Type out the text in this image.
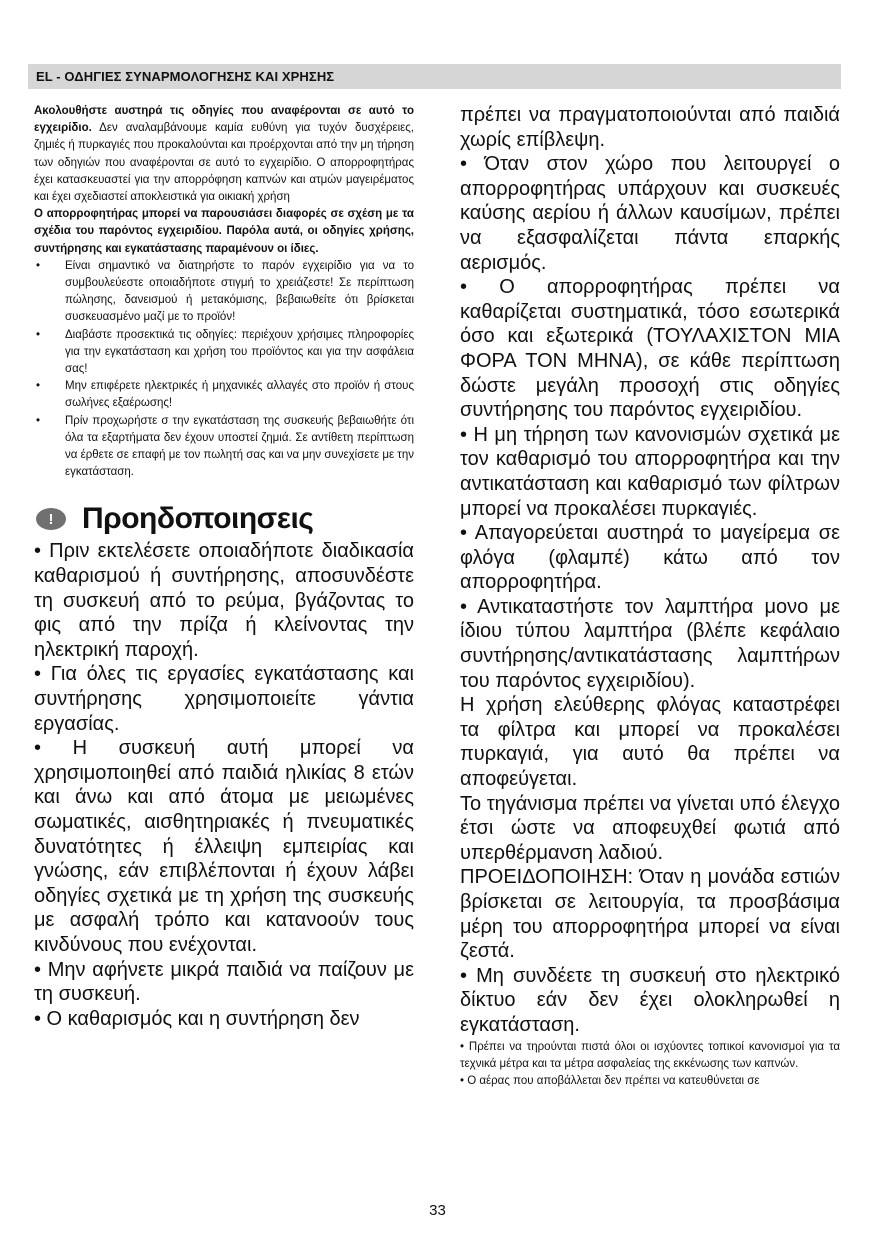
EL - ΟΔΗΓΙΕΣ ΣΥΝΑΡΜΟΛΟΓΗΣΗΣ ΚΑΙ ΧΡΗΣΗΣ

Ακολουθήστε αυστηρά τις οδηγίες που αναφέρονται σε αυτό το εγχειρίδιο. Δεν αναλαμβάνουμε καμία ευθύνη για τυχόν δυσχέρειες, ζημιές ή πυρκαγιές που προκαλούνται και προέρχονται από την μη τήρηση των οδηγιών που αναφέρονται σε αυτό το εγχειρίδιο. Ο απορροφητήρας έχει κατασκευαστεί για την απορρόφηση καπνών και ατμών μαγειρέματος και έχει σχεδιαστεί αποκλειστικά για οικιακή χρήση

Ο απορροφητήρας μπορεί να παρουσιάσει διαφορές σε σχέση με τα σχέδια του παρόντος εγχειριδίου. Παρόλα αυτά, οι οδηγίες χρήσης, συντήρησης και εγκατάστασης παραμένουν οι ίδιες.

• Είναι σημαντικό να διατηρήστε το παρόν εγχειρίδιο για να το συμβουλεύεστε οποιαδήποτε στιγμή το χρειάζεστε! Σε περίπτωση πώλησης, δανεισμού ή μετακόμισης, βεβαιωθείτε ότι βρίσκεται συσκευασμένο μαζί με το προϊόν!
• Διαβάστε προσεκτικά τις οδηγίες: περιέχουν χρήσιμες πληροφορίες για την εγκατάσταση και χρήση του προϊόντος και για την ασφάλεια σας!
• Μην επιφέρετε ηλεκτρικές ή μηχανικές αλλαγές στο προϊόν ή στους σωλήνες εξαέρωσης!
• Πρίν προχωρήστε σ την εγκατάσταση της συσκευής βεβαιωθήτε ότι όλα τα εξαρτήματα δεν έχουν υποστεί ζημιά. Σε αντίθετη περίπτωση να έρθετε σε επαφή με τον πωλητή σας και να μην συνεχίσετε με την εγκατάσταση.
! Προηδοποιησεις

• Πριν εκτελέσετε οποιαδήποτε διαδικασία καθαρισμού ή συντήρησης, αποσυνδέστε τη συσκευή από το ρεύμα, βγάζοντας το φις από την πρίζα ή κλείνοντας την ηλεκτρική παροχή.

• Για όλες τις εργασίες εγκατάστασης και συντήρησης χρησιμοποιείτε γάντια εργασίας.

• Η συσκευή αυτή μπορεί να χρησιμοποιηθεί από παιδιά ηλικίας 8 ετών και άνω και από άτομα με μειωμένες σωματικές, αισθητηριακές ή πνευματικές δυνατότητες ή έλλειψη εμπειρίας και γνώσης, εάν επιβλέπονται ή έχουν λάβει οδηγίες σχετικά με τη χρήση της συσκευής με ασφαλή τρόπο και κατανοούν τους κινδύνους που ενέχονται.

• Μην αφήνετε μικρά παιδιά να παίζουν με τη συσκευή.

• Ο καθαρισμός και η συντήρηση δεν

πρέπει να πραγματοποιούνται από παιδιά χωρίς επίβλεψη.

• Όταν στον χώρο που λειτουργεί ο απορροφητήρας υπάρχουν και συσκευές καύσης αερίου ή άλλων καυσίμων, πρέπει να εξασφαλίζεται πάντα επαρκής αερισμός.

• Ο απορροφητήρας πρέπει να καθαρίζεται συστηματικά, τόσο εσωτερικά όσο και εξωτερικά (ΤΟΥΛΑΧΙΣΤΟΝ ΜΙΑ ΦΟΡΑ ΤΟΝ ΜΗΝΑ), σε κάθε περίπτωση δώστε μεγάλη προσοχή στις οδηγίες συντήρησης του παρόντος εγχειριδίου.

• Η μη τήρηση των κανονισμών σχετικά με τον καθαρισμό του απορροφητήρα και την αντικατάσταση και καθαρισμό των φίλτρων μπορεί να προκαλέσει πυρκαγιές.

• Απαγορεύεται αυστηρά το μαγείρεμα σε φλόγα (φλαμπέ) κάτω από τον απορροφητήρα.

• Αντικαταστήστε τον λαμπτήρα μονο με ίδιου τύπου λαμπτήρα (βλέπε κεφάλαιο συντήρησης/αντικατάστασης λαμπτήρων του παρόντος εγχειριδίου).

Η χρήση ελεύθερης φλόγας καταστρέφει τα φίλτρα και μπορεί να προκαλέσει πυρκαγιά, για αυτό θα πρέπει να αποφεύγεται.

Το τηγάνισμα πρέπει να γίνεται υπό έλεγχο έτσι ώστε να αποφευχθεί φωτιά από υπερθέρμανση λαδιού.

ΠΡΟΕΙΔΟΠΟΙΗΣΗ: Όταν η μονάδα εστιών βρίσκεται σε λειτουργία, τα προσβάσιμα μέρη του απορροφητήρα μπορεί να είναι ζεστά.

• Μη συνδέετε τη συσκευή στο ηλεκτρικό δίκτυο εάν δεν έχει ολοκληρωθεί η εγκατάσταση.

• Πρέπει να τηρούνται πιστά όλοι οι ισχύοντες τοπικοί κανονισμοί για τα τεχνικά μέτρα και τα μέτρα ασφαλείας της εκκένωσης των καπνών.

• Ο αέρας που αποβάλλεται δεν πρέπει να κατευθύνεται σε

33
